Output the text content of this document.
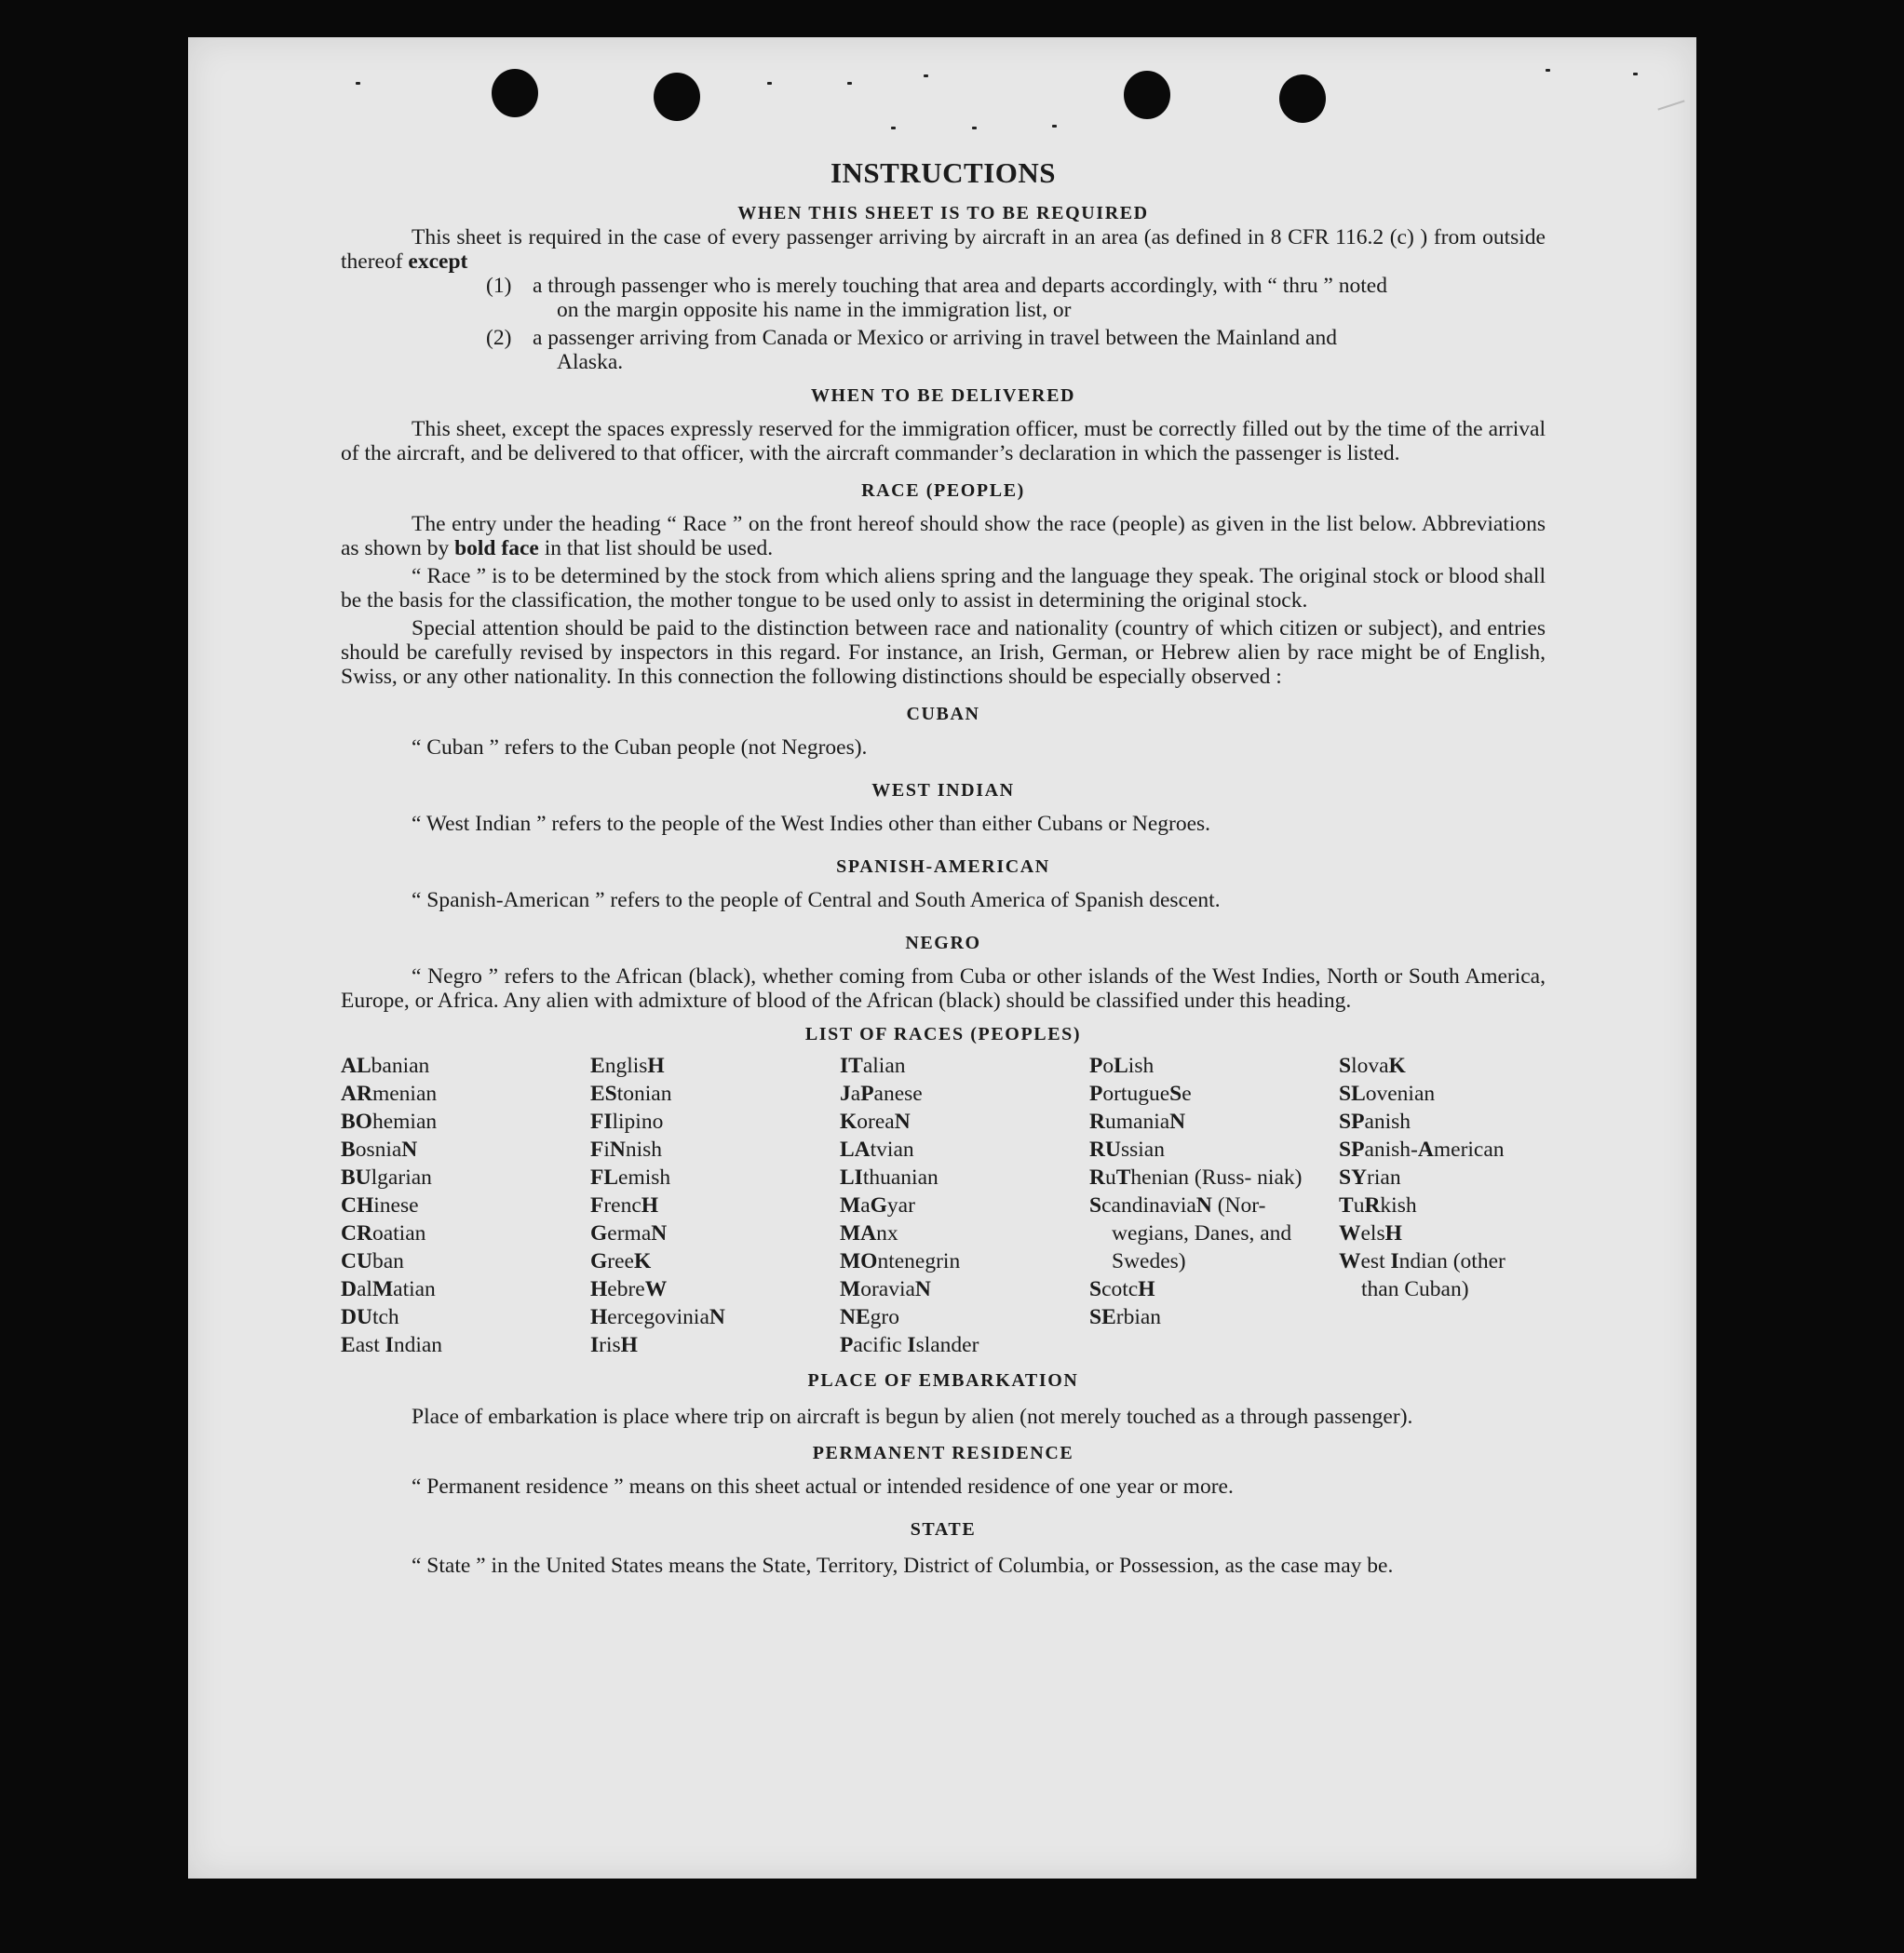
INSTRUCTIONS
WHEN THIS SHEET IS TO BE REQUIRED

This sheet is required in the case of every passenger arriving by aircraft in an area (as defined in 8 CFR 116.2 (c) ) from outside thereof except

(1) a through passenger who is merely touching that area and departs accordingly, with “ thru ” noted
on the margin opposite his name in the immigration list, or
(2) a passenger arriving from Canada or Mexico or arriving in travel between the Mainland and
Alaska.
WHEN TO BE DELIVERED

This sheet, except the spaces expressly reserved for the immigration officer, must be correctly filled out by the time of the arrival of the aircraft, and be delivered to that officer, with the aircraft commander’s declaration in which the passenger is listed.

RACE (PEOPLE)

The entry under the heading “ Race ” on the front hereof should show the race (people) as given in the list below. Abbreviations as shown by bold face in that list should be used.

“ Race ” is to be determined by the stock from which aliens spring and the language they speak. The original stock or blood shall be the basis for the classification, the mother tongue to be used only to assist in determining the original stock.

Special attention should be paid to the distinction between race and nationality (country of which citizen or subject), and entries should be carefully revised by inspectors in this regard. For instance, an Irish, German, or Hebrew alien by race might be of English, Swiss, or any other nationality. In this connection the following distinctions should be especially observed :

CUBAN

“ Cuban ” refers to the Cuban people (not Negroes).

WEST INDIAN

“ West Indian ” refers to the people of the West Indies other than either Cubans or Negroes.

SPANISH-AMERICAN

“ Spanish-American ” refers to the people of Central and South America of Spanish descent.

NEGRO

“ Negro ” refers to the African (black), whether coming from Cuba or other islands of the West Indies, North or South America, Europe, or Africa. Any alien with admixture of blood of the African (black) should be classified under this heading.

LIST OF RACES (PEOPLES)
ALbanian
ARmenian
BOhemian
BosniaN
BUlgarian
CHinese
CRoatian
CUban
DalMatian
DUtch
East Indian
EnglisH
EStonian
FIlipino
FiNnish
FLemish
FrencH
GermaN
GreeK
HebreW
HercegoviniaN
IrisH
ITalian
JaPanese
KoreaN
LAtvian
LIthuanian
MaGyar
MAnx
MOntenegrin
MoraviaN
NEgro
Pacific Islander
PoLish
PortugueSe
RumaniaN
RUssian
RuThenian (Russ- niak)
ScandinaviaN (Nor- wegians, Danes, and Swedes)
ScotcH
SErbian
SlovaK
SLovenian
SPanish
SPanish-American
SYrian
TuRkish
WelsH
West Indian (other than Cuban)
PLACE OF EMBARKATION

Place of embarkation is place where trip on aircraft is begun by alien (not merely touched as a through passenger).

PERMANENT RESIDENCE

“ Permanent residence ” means on this sheet actual or intended residence of one year or more.

STATE

“ State ” in the United States means the State, Territory, District of Columbia, or Possession, as the case may be.
